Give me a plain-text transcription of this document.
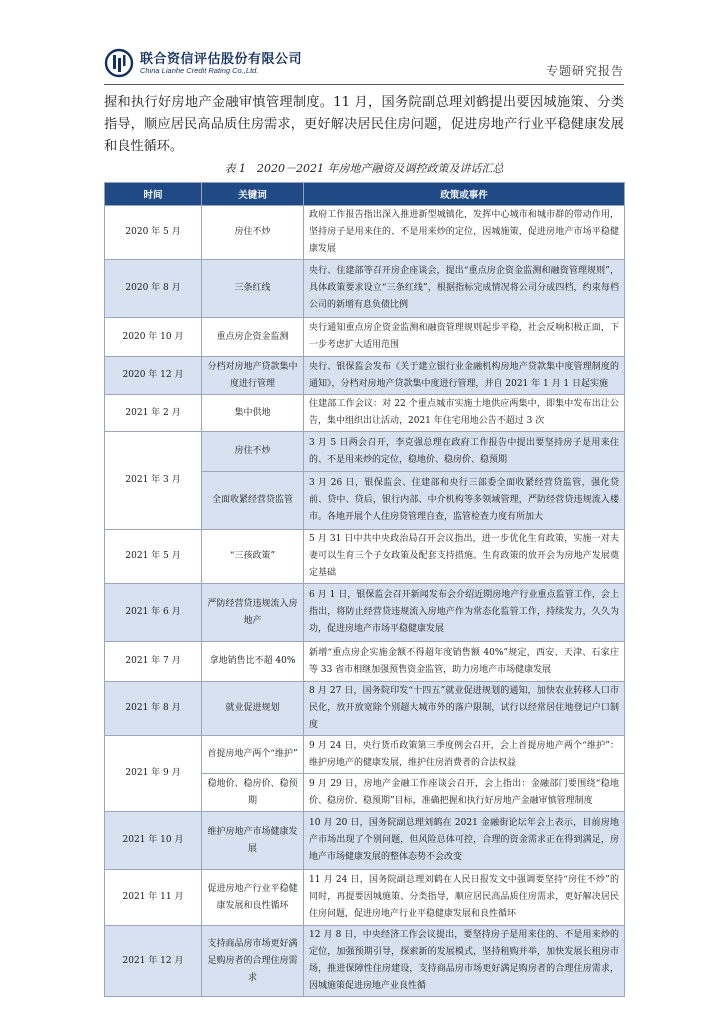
联合资信评估股份有限公司
China Lianhe Credit Rating Co.,Ltd.	专题研究报告
握和执行好房地产金融审慎管理制度。11 月，国务院副总理刘鹤提出要因城施策、分类指导，顺应居民高品质住房需求，更好解决居民住房问题，促进房地产行业平稳健康发展和良性循环。
表 1　2020－2021 年房地产融资及调控政策及讲话汇总
时间	关键词	政策或事件
2020 年 5 月	房住不炒	政府工作报告指出深入推进新型城镇化，发挥中心城市和城市群的带动作用，坚持房子是用来住的、不是用来炒的定位，因城施策，促进房地产市场平稳健康发展
2020 年 8 月	三条红线	央行、住建部等召开房企座谈会，提出“重点房企资金监测和融资管理规则”，具体政策要求设立“三条红线”，根据指标完成情况将公司分成四档，约束每档公司的新增有息负债比例
2020 年 10 月	重点房企资金监测	央行通知重点房企资金监测和融资管理规则起步平稳，社会反响积极正面，下一步考虑扩大适用范围
2020 年 12 月	分档对房地产贷款集中度进行管理	央行、银保监会发布《关于建立银行业金融机构房地产贷款集中度管理制度的通知》，分档对房地产贷款集中度进行管理，并自 2021 年 1 月 1 日起实施
2021 年 2 月	集中供地	住建部工作会议：对 22 个重点城市实施土地供应两集中，即集中发布出让公告，集中组织出让活动，2021 年住宅用地公告不超过 3 次
2021 年 3 月	房住不炒	3 月 5 日两会召开，李克强总理在政府工作报告中提出要坚持房子是用来住的、不是用来炒的定位，稳地价、稳房价、稳预期
	全面收紧经营贷监管	3 月 26 日，银保监会、住建部和央行三部委全面收紧经营贷监管，强化贷前、贷中、贷后，银行内部、中介机构等多领域管理，严防经营贷违规流入楼市。各地开展个人住房贷管理自查，监管检查力度有所加大
2021 年 5 月	“三孩政策”	5 月 31 日中共中央政治局召开会议指出，进一步优化生育政策，实施一对夫妻可以生育三个子女政策及配套支持措施。生育政策的放开会为房地产发展奠定基础
2021 年 6 月	严防经营贷违规流入房地产	6 月 1 日，银保监会召开新闻发布会介绍近期房地产行业重点监管工作，会上指出，将防止经营贷违规流入房地产作为常态化监管工作，持续发力，久久为功，促进房地产市场平稳健康发展
2021 年 7 月	拿地销售比不超 40%	新增“重点房企实施金额不得超年度销售额 40%”规定，西安、天津、石家庄等 33 省市相继加强预售资金监管，助力房地产市场健康发展
2021 年 8 月	就业促进规划	8 月 27 日，国务院印发“十四五”就业促进规划的通知，加快农业转移人口市民化，放开放宽除个别超大城市外的落户限制，试行以经常居住地登记户口制度
2021 年 9 月	首提房地产两个“维护”	9 月 24 日，央行货币政策第三季度例会召开，会上首提房地产两个“维护”：维护房地产的健康发展，维护住房消费者的合法权益
	稳地价、稳房价、稳预期	9 月 29 日，房地产金融工作座谈会召开，会上指出：金融部门要围绕“稳地价、稳房价、稳预期”目标，准确把握和执行好房地产金融审慎管理制度
2021 年 10 月	维护房地产市场健康发展	10 月 20 日，国务院副总理刘鹤在 2021 金融街论坛年会上表示，目前房地产市场出现了个别问题，但风险总体可控，合理的资金需求正在得到满足，房地产市场健康发展的整体态势不会改变
2021 年 11 月	促进房地产行业平稳健康发展和良性循环	11 月 24 日，国务院副总理刘鹤在人民日报发文中强调要坚持“房住不炒”的同时，再提要因城施策、分类指导，顺应居民高品质住房需求，更好解决居民住房问题，促进房地产行业平稳健康发展和良性循环
2021 年 12 月	支持商品房市场更好满足购房者的合理住房需求	12 月 8 日，中央经济工作会议提出，要坚持房子是用来住的、不是用来炒的定位，加强预期引导，探索新的发展模式，坚持租购并举，加快发展长租房市场，推进保障性住房建设，支持商品房市场更好满足购房者的合理住房需求，因城施策促进房地产业良性循
